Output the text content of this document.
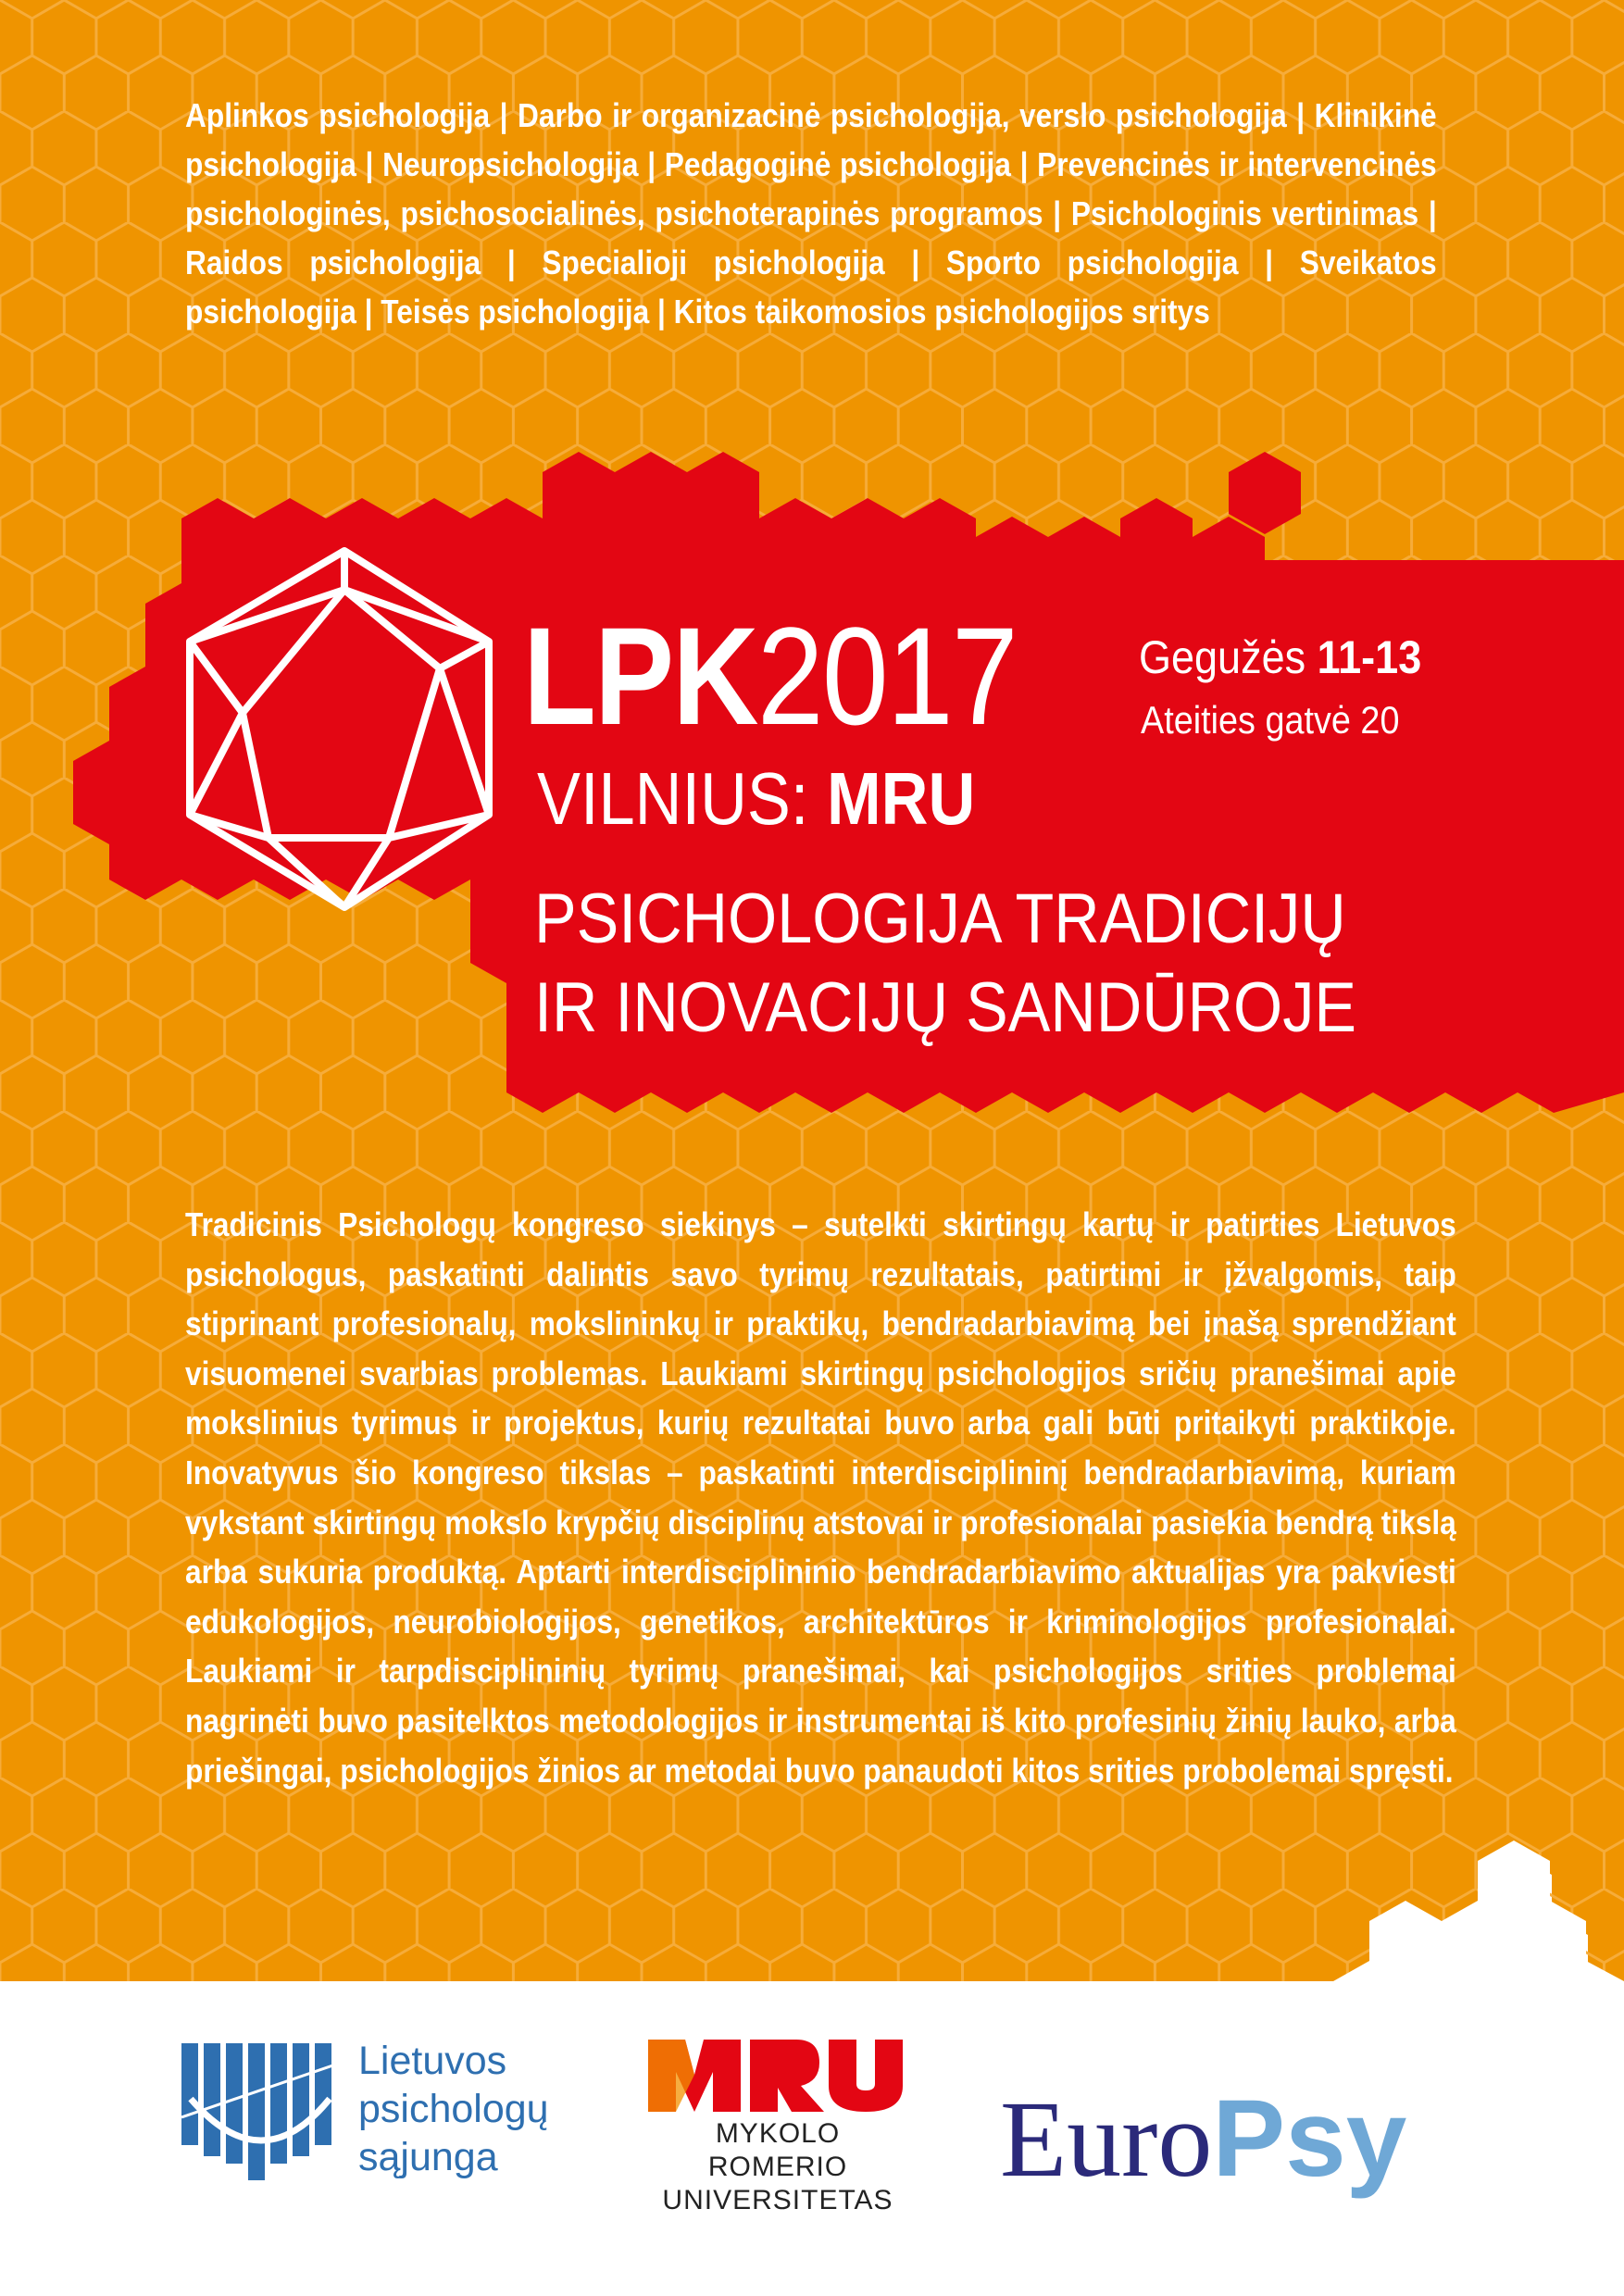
Aplinkos psichologija | Darbo ir organizacinė psichologija, verslo psichologija | Klinikinė psichologija | Neuropsichologija | Pedagoginė psichologija | Prevencinės ir intervencinės psichologinės, psichosocialinės, psichoterapinės programos | Psichologinis vertinimas | Raidos psichologija | Specialioji psichologija | Sporto psichologija | Sveikatos psichologija | Teisės psichologija | Kitos taikomosios psichologijos sritys
LPK2017
VILNIUS: MRU
PSICHOLOGIJA TRADICIJŲ
IR INOVACIJŲ SANDŪROJE
Gegužės 11-13
Ateities gatvė 20
Tradicinis Psichologų kongreso siekinys – sutelkti skirtingų kartų ir patirties Lietuvos psichologus, paskatinti dalintis savo tyrimų rezultatais, patirtimi ir įžvalgomis, taip stiprinant profesionalų, mokslininkų ir praktikų, bendradarbiavimą bei įnašą sprendžiant visuomenei svarbias problemas. Laukiami skirtingų psichologijos sričių pranešimai apie mokslinius tyrimus ir projektus, kurių rezultatai buvo arba gali būti pritaikyti praktikoje. Inovatyvus šio kongreso tikslas – paskatinti interdisciplininį bendradarbiavimą, kuriam vykstant skirtingų mokslo krypčių disciplinų atstovai ir profesionalai pasiekia bendrą tikslą arba sukuria produktą. Aptarti interdisciplininio bendradarbiavimo aktualijas yra pakviesti edukologijos, neurobiologijos, genetikos, architektūros ir kriminologijos profesionalai. Laukiami ir tarpdisciplininių tyrimų pranešimai, kai psichologijos srities problemai nagrinėti buvo pasitelktos metodologijos ir instrumentai iš kito profesinių žinių lauko, arba priešingai, psichologijos žinios ar metodai buvo panaudoti kitos srities probolemai spręsti.
Lietuvos
psichologų
sąjunga
MYKOLO ROMERIO
UNIVERSITETAS
EuroPsy
